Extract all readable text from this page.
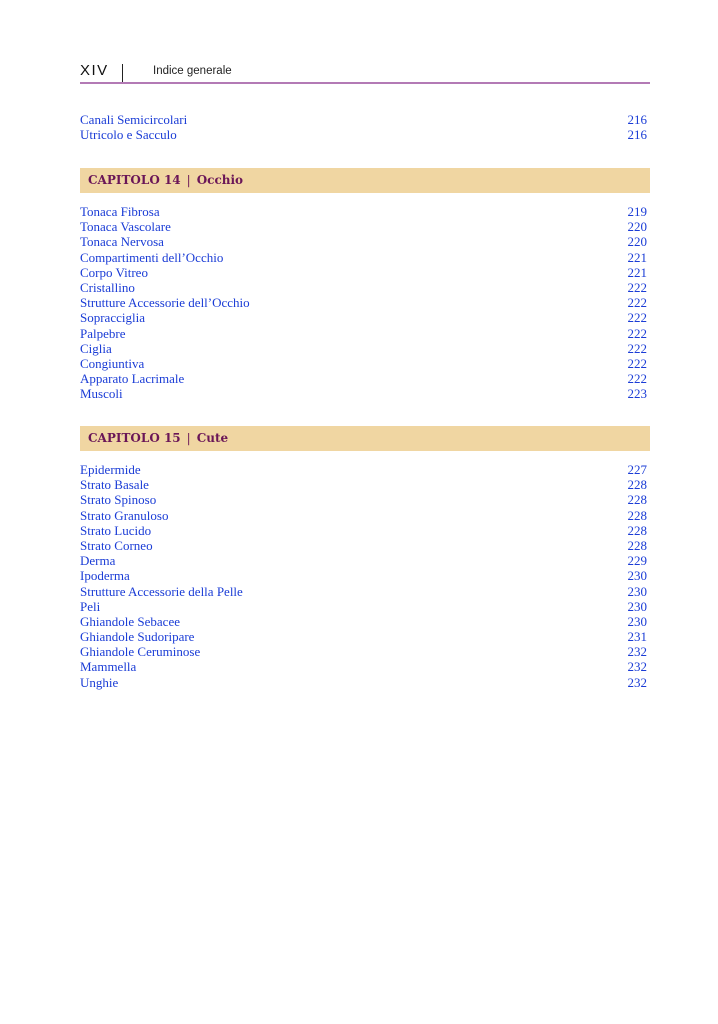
XIV	Indice generale
Canali Semicircolari	216
Utricolo e Sacculo	216
CAPITOLO 14 | Occhio
Tonaca Fibrosa	219
Tonaca Vascolare	220
Tonaca Nervosa	220
Compartimenti dell’Occhio	221
Corpo Vitreo	221
Cristallino	222
Strutture Accessorie dell’Occhio	222
Sopracciglia	222
Palpebre	222
Ciglia	222
Congiuntiva	222
Apparato Lacrimale	222
Muscoli	223
CAPITOLO 15 | Cute
Epidermide	227
Strato Basale	228
Strato Spinoso	228
Strato Granuloso	228
Strato Lucido	228
Strato Corneo	228
Derma	229
Ipoderma	230
Strutture Accessorie della Pelle	230
Peli	230
Ghiandole Sebacee	230
Ghiandole Sudoripare	231
Ghiandole Ceruminose	232
Mammella	232
Unghie	232
